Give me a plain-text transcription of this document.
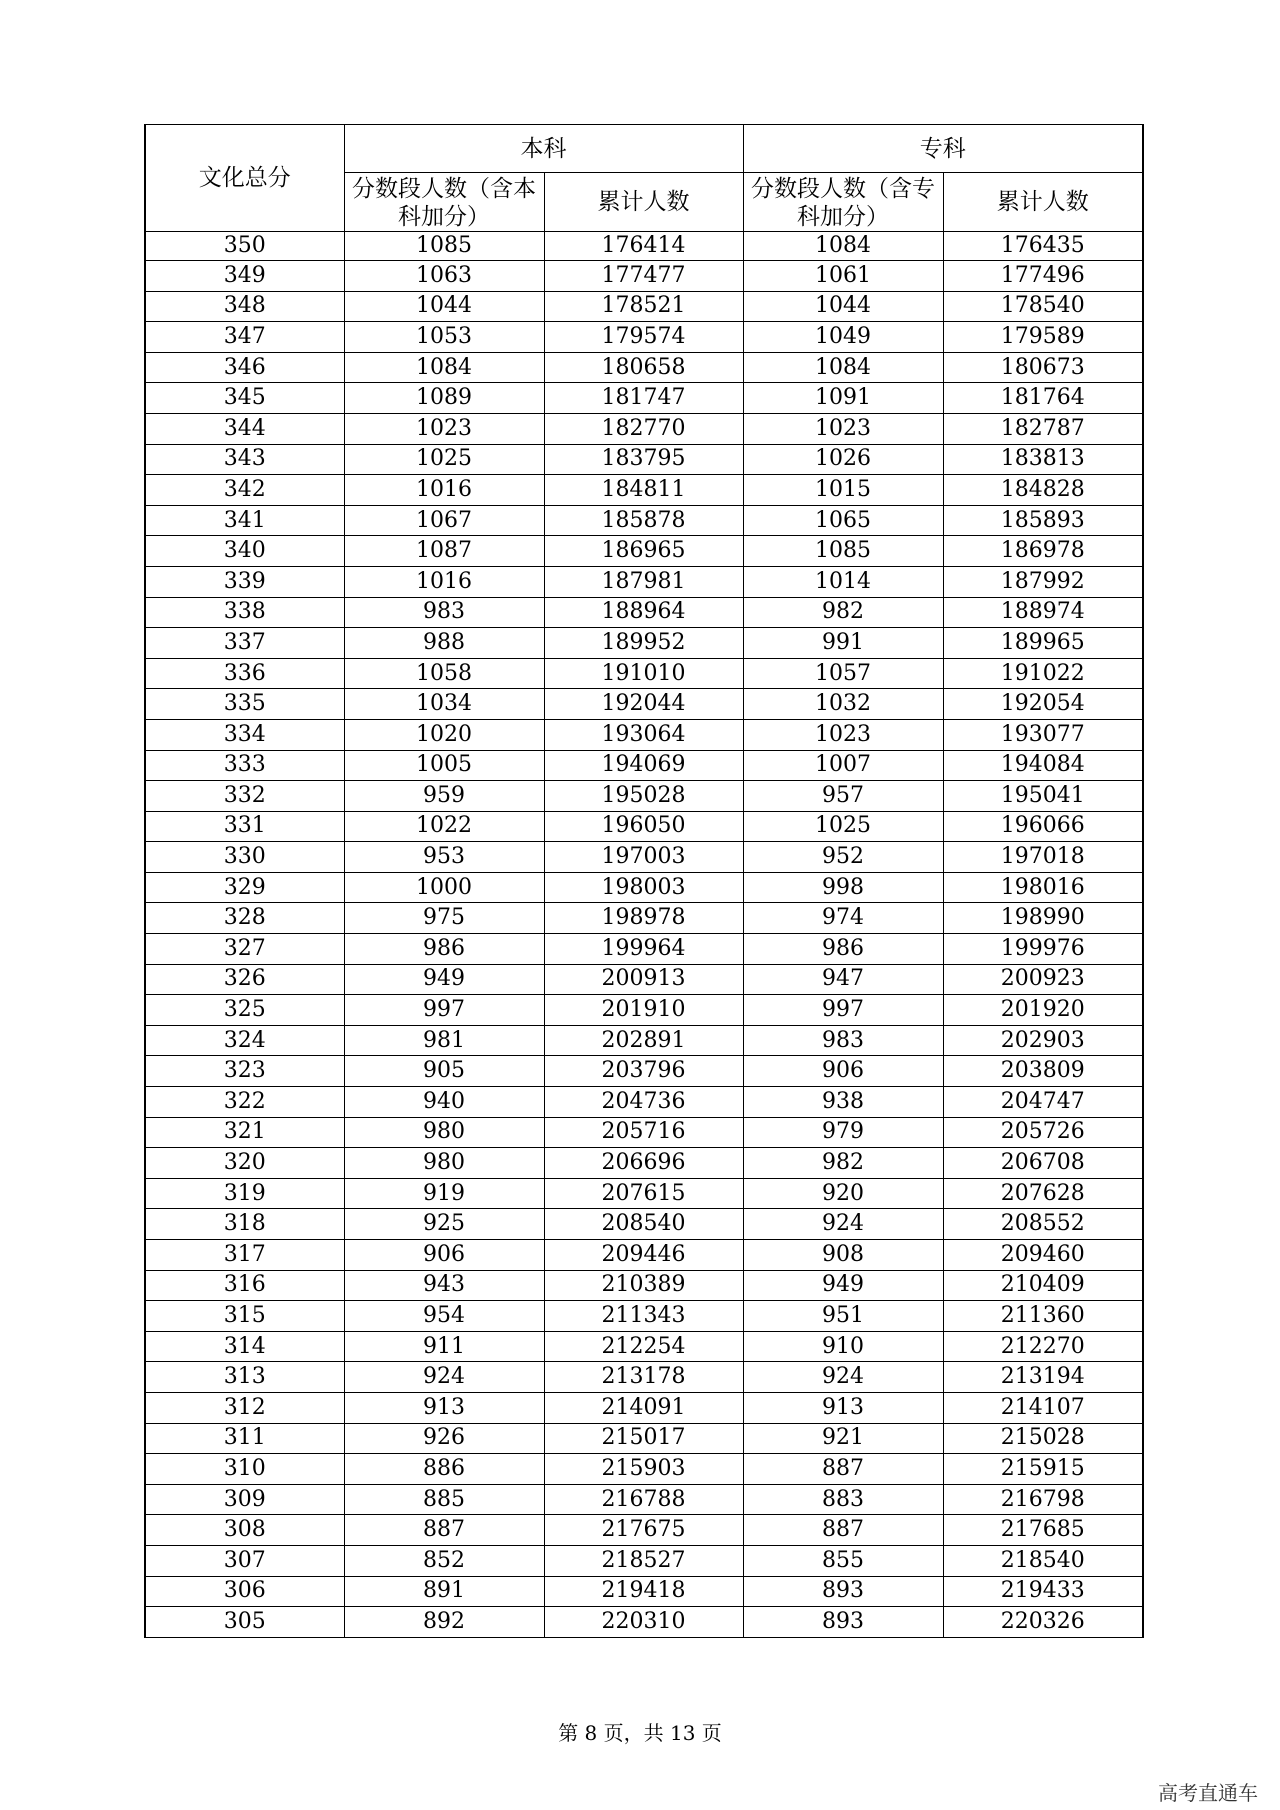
文化总分	本科		专科	

	分数段人数（含本科加分）	累计人数	分数段人数（含专科加分）	累计人数
350	1085	176414	1084	176435
349	1063	177477	1061	177496
348	1044	178521	1044	178540
347	1053	179574	1049	179589
346	1084	180658	1084	180673
345	1089	181747	1091	181764
344	1023	182770	1023	182787
343	1025	183795	1026	183813
342	1016	184811	1015	184828
341	1067	185878	1065	185893
340	1087	186965	1085	186978
339	1016	187981	1014	187992
338	983	188964	982	188974
337	988	189952	991	189965
336	1058	191010	1057	191022
335	1034	192044	1032	192054
334	1020	193064	1023	193077
333	1005	194069	1007	194084
332	959	195028	957	195041
331	1022	196050	1025	196066
330	953	197003	952	197018
329	1000	198003	998	198016
328	975	198978	974	198990
327	986	199964	986	199976
326	949	200913	947	200923
325	997	201910	997	201920
324	981	202891	983	202903
323	905	203796	906	203809
322	940	204736	938	204747
321	980	205716	979	205726
320	980	206696	982	206708
319	919	207615	920	207628
318	925	208540	924	208552
317	906	209446	908	209460
316	943	210389	949	210409
315	954	211343	951	211360
314	911	212254	910	212270
313	924	213178	924	213194
312	913	214091	913	214107
311	926	215017	921	215028
310	886	215903	887	215915
309	885	216788	883	216798
308	887	217675	887	217685
307	852	218527	855	218540
306	891	219418	893	219433
305	892	220310	893	220326
第 8 页，共 13 页
高考直通车
